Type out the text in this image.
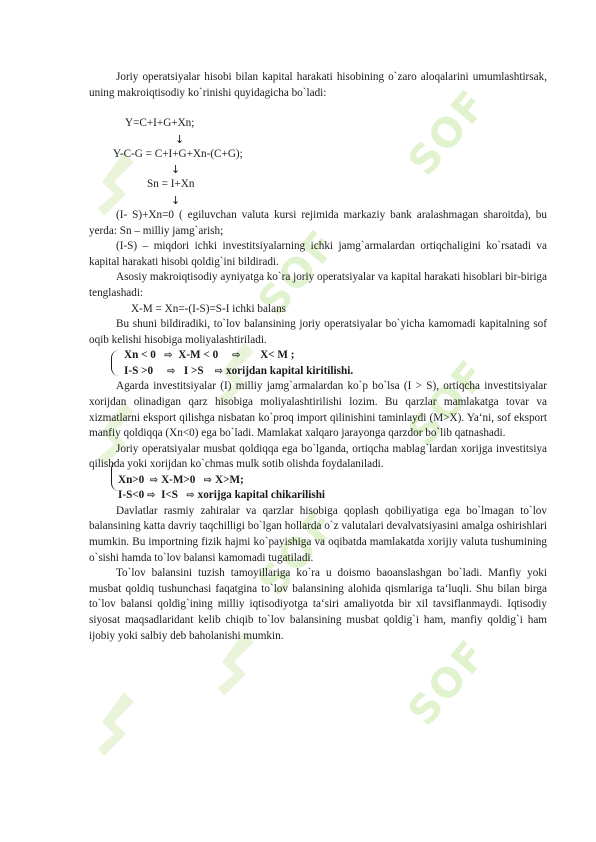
SOF
SOF
SOF
SOF
SOF

Joriy operatsiyalar hisobi bilan kapital harakati hisobining o`zaro aloqalarini umumlashtirsak, uning makroiqtisodiy ko`rinishi quyidagicha bo`ladi:

Y=C+I+G+Xn;
↓
Y-C-G = C+I+G+Xn-(C+G);
↓
Sn = I+Xn
↓

(I- S)+Xn=0 ( egiluvchan valuta kursi rejimida markaziy bank aralashmagan sharoitda), bu yerda: Sn – milliy jamg`arish;

(I-S) – miqdori ichki investitsiyalarning ichki jamg`armalardan ortiqchaligini ko`rsatadi va kapital harakati hisobi qoldig`ini bildiradi.

Asosiy makroiqtisodiy ayniyatga ko`ra joriy operatsiyalar va kapital harakati hisoblari bir-biriga tenglashadi:

X-M = Xn=-(I-S)=S-I ichki balans

Bu shuni bildiradiki, to`lov balansining joriy operatsiyalar bo`yicha kamomadi kapitalning sof oqib kelishi hisobiga moliyalashtiriladi.

Xn < 0 ⇨ X-M < 0 ⇨ X< M ;
I-S >0 ⇨ I >S ⇨ xorijdan kapital kiritilishi.

Agarda investitsiyalar (I) milliy jamg`armalardan ko`p bo`lsa (I > S), ortiqcha investitsiyalar xorijdan olinadigan qarz hisobiga moliyalashtirilishi lozim. Bu qarzlar mamlakatga tovar va xizmatlarni eksport qilishga nisbatan ko`proq import qilinishini taminlaydi (M>X). Ya‘ni, sof eksport manfiy qoldiqqa (Xn<0) ega bo`ladi. Mamlakat xalqaro jarayonga qarzdor bo`lib qatnashadi.

Joriy operatsiyalar musbat qoldiqqa ega bo`lganda, ortiqcha mablag`lardan xorijga investitsiya qilishda yoki xorijdan ko`chmas mulk sotib olishda foydalaniladi.

Xn>0 ⇨ X-M>0 ⇨ X>M;
I-S<0 ⇨ I<S ⇨ xorijga kapital chikarilishi

Davlatlar rasmiy zahiralar va qarzlar hisobiga qoplash qobiliyatiga ega bo`lmagan to`lov balansining katta davriy taqchilligi bo`lgan hollarda o`z valutalari devalvatsiyasini amalga oshirishlari mumkin. Bu importning fizik hajmi ko`payishiga va oqibatda mamlakatda xorijiy valuta tushumining o`sishi hamda to`lov balansi kamomadi tugatiladi.

To`lov balansini tuzish tamoyillariga ko`ra u doismo baoanslashgan bo`ladi. Manfiy yoki musbat qoldiq tushunchasi faqatgina to`lov balansining alohida qismlariga ta‘luqli. Shu bilan birga to`lov balansi qoldig`ining milliy iqtisodiyotga ta‘siri amaliyotda bir xil tavsiflanmaydi. Iqtisodiy siyosat maqsadlaridant kelib chiqib to`lov balansining musbat qoldig`i ham, manfiy qoldig`i ham ijobiy yoki salbiy deb baholanishi mumkin.
